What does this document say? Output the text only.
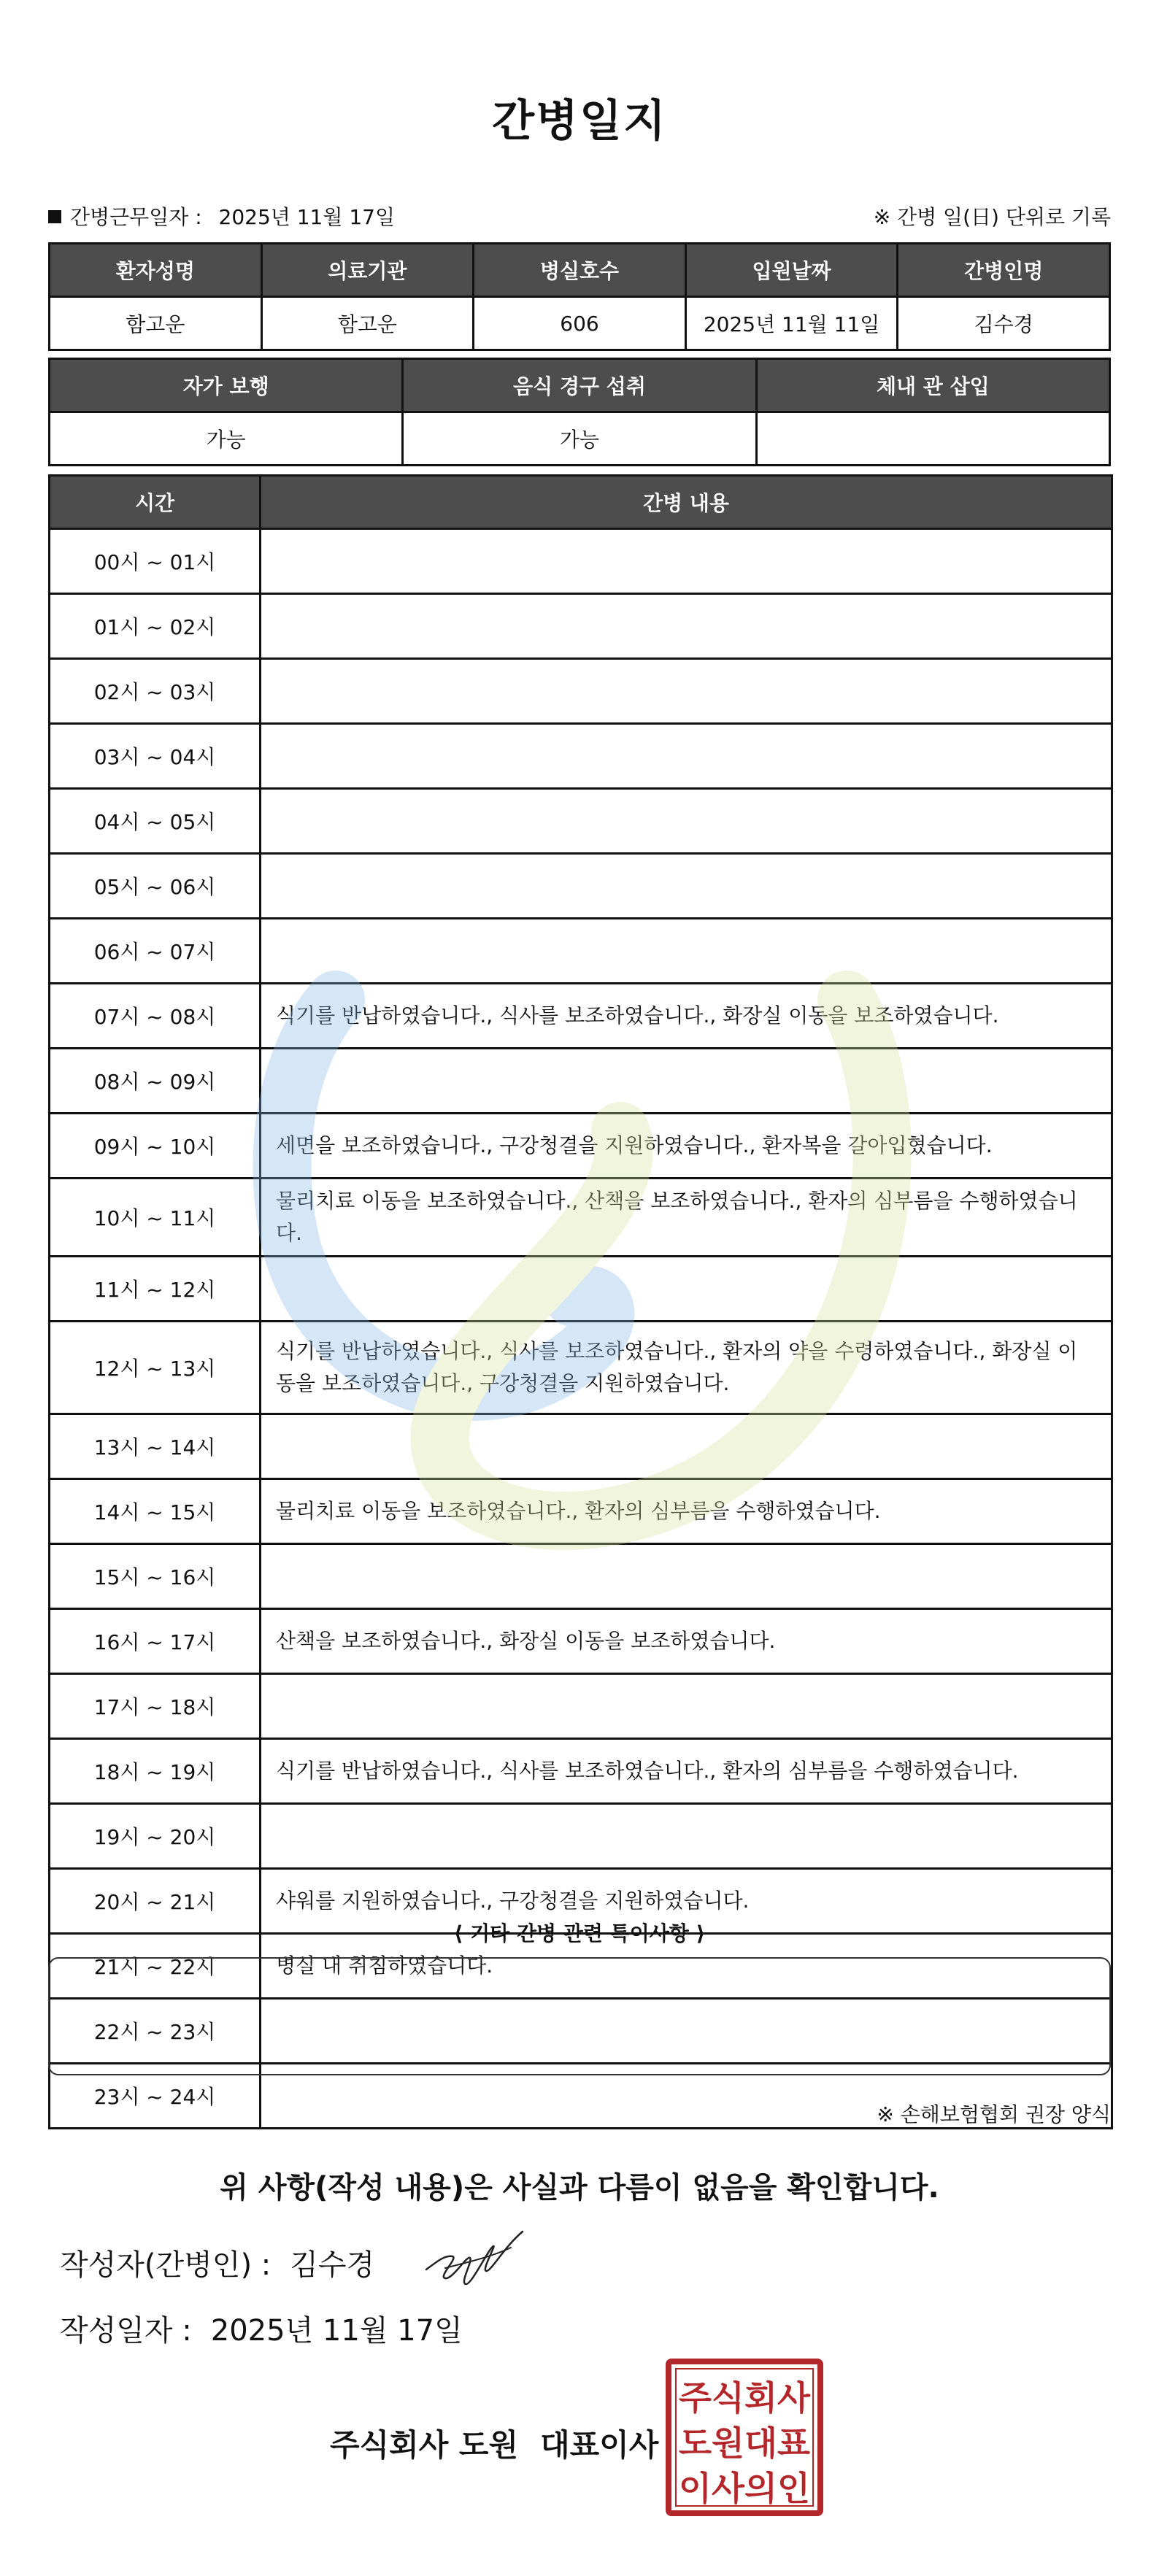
간병일지
간병근무일자 : 2025년 11월 17일	※ 간병 일(日) 단위로 기록
환자성명	의료기관	병실호수	입원날짜	간병인명
함고운	함고운	606	2025년 11월 11일	김수경
자가 보행	음식 경구 섭취	체내 관 삽입
가능	가능	
시간	간병 내용
00시 ~ 01시	
01시 ~ 02시	
02시 ~ 03시	
03시 ~ 04시	
04시 ~ 05시	
05시 ~ 06시	
06시 ~ 07시	
07시 ~ 08시	식기를 반납하였습니다., 식사를 보조하였습니다., 화장실 이동을 보조하였습니다.
08시 ~ 09시	
09시 ~ 10시	세면을 보조하였습니다., 구강청결을 지원하였습니다., 환자복을 갈아입혔습니다.
10시 ~ 11시	물리치료 이동을 보조하였습니다., 산책을 보조하였습니다., 환자의 심부름을 수행하였습니다.
11시 ~ 12시	
12시 ~ 13시	식기를 반납하였습니다., 식사를 보조하였습니다., 환자의 약을 수령하였습니다., 화장실 이동을 보조하였습니다., 구강청결을 지원하였습니다.
13시 ~ 14시	
14시 ~ 15시	물리치료 이동을 보조하였습니다., 환자의 심부름을 수행하였습니다.
15시 ~ 16시	
16시 ~ 17시	산책을 보조하였습니다., 화장실 이동을 보조하였습니다.
17시 ~ 18시	
18시 ~ 19시	식기를 반납하였습니다., 식사를 보조하였습니다., 환자의 심부름을 수행하였습니다.
19시 ~ 20시	
20시 ~ 21시	샤워를 지원하였습니다., 구강청결을 지원하였습니다.
21시 ~ 22시	병실 내 취침하였습니다.
22시 ~ 23시	
23시 ~ 24시	
⟨ 기타 간병 관련 특이사항 ⟩
※ 손해보험협회 권장 양식
위 사항(작성 내용)은 사실과 다름이 없음을 확인합니다.
작성자(간병인) : 김수경
작성일자 : 2025년 11월 17일
주식회사 도원 대표이사
주식회사
도원대표
이사의인
